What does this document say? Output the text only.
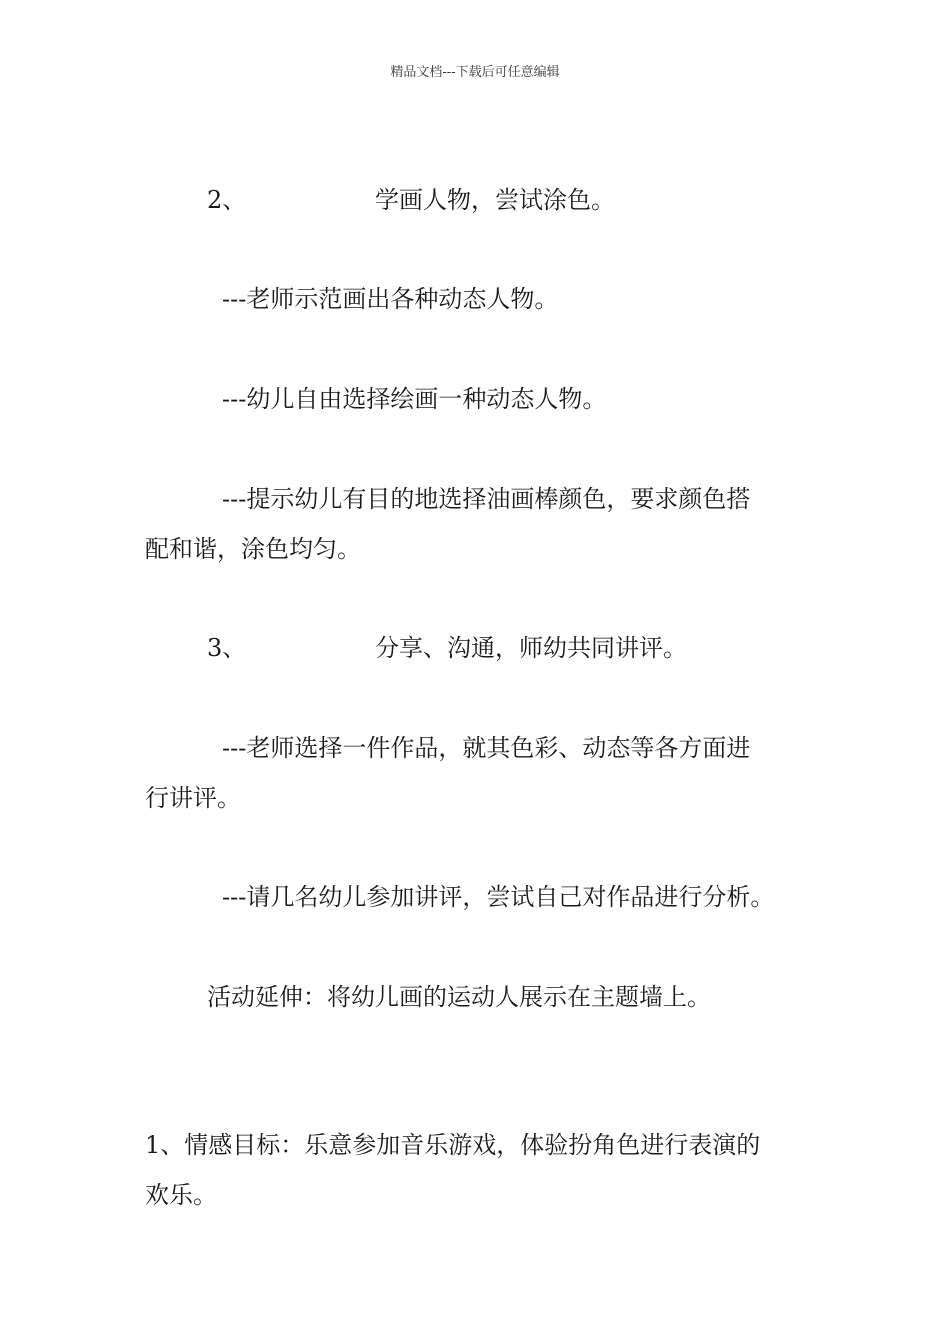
精品文档---下载后可任意编辑
2、	学画人物，尝试涂色。
---老师示范画出各种动态人物。
---幼儿自由选择绘画一种动态人物。
---提示幼儿有目的地选择油画棒颜色，要求颜色搭
配和谐，涂色均匀。
3、	分享、沟通，师幼共同讲评。
---老师选择一件作品，就其色彩、动态等各方面进
行讲评。
---请几名幼儿参加讲评，尝试自己对作品进行分析。
活动延伸：将幼儿画的运动人展示在主题墙上。
1、情感目标：乐意参加音乐游戏，体验扮角色进行表演的
欢乐。
